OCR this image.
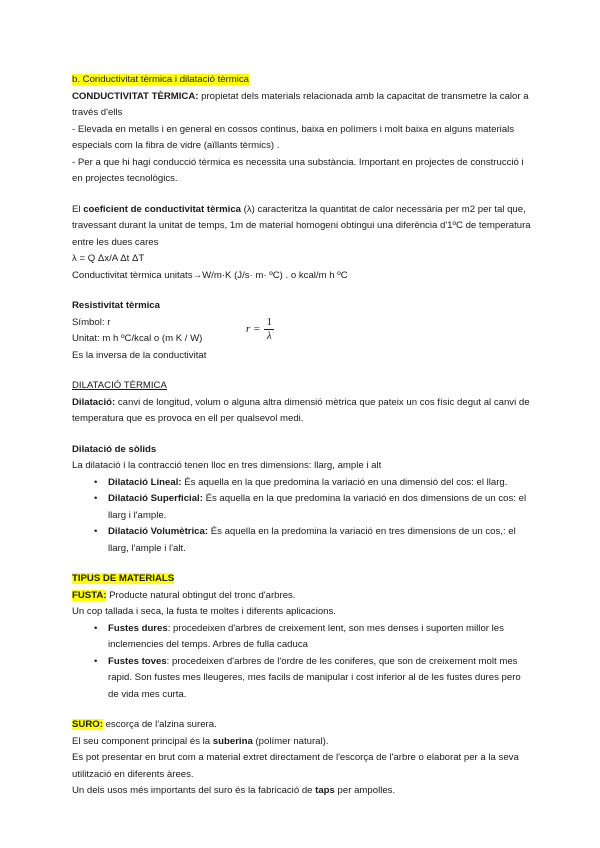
b. Conductivitat tèrmica i dilatació tèrmica

CONDUCTIVITAT TÈRMICA: propietat dels materials relacionada amb la capacitat de transmetre la calor a través d'ells

- Elevada en metalls i en general en cossos continus, baixa en polímers i molt baixa en alguns materials especials com la fibra de vidre (aïllants tèrmics) .

- Per a que hi hagi conducció tèrmica es necessita una substància. Important en projectes de construcció i en projectes tecnològics.

El coeficient de conductivitat tèrmica (λ) caracteritza la quantitat de calor necessària per m2 per tal que, travessant durant la unitat de temps, 1m de material homogeni obtingui una diferència d'1ºC de temperatura entre les dues cares

λ = Q Δx/A Δt ΔT

Conductivitat tèrmica unitats→W/m·K (J/s· m· ºC) . o kcal/m h ºC

Resistivitat tèrmica

Símbol: r

Unitat: m h ºC/kcal o (m K / W)

Es la inversa de la conductivitat

$r = \frac{1}{\lambda}$

DILATACIÓ TÈRMICA

Dilatació: canvi de longitud, volum o alguna altra dimensió mètrica que pateix un cos físic degut al canvi de temperatura que es provoca en ell per qualsevol medi.

Dilatació de sòlids

La dilatació i la contracció tenen lloc en tres dimensions: llarg, ample i alt

• Dilatació Lineal: És aquella en la que predomina la variació en una dimensió del cos: el llarg.
• Dilatació Superficial: És aquella en la que predomina la variació en dos dimensions de un cos: el llarg i l'ample.
• Dilatació Volumètrica: És aquella en la predomina la variació en tres dimensions de un cos,: el llarg, l'ample i l'alt.

TIPUS DE MATERIALS

FUSTA: Producte natural obtingut del tronc d'arbres.

Un cop tallada i seca, la fusta te moltes i diferents aplicacions.

• Fustes dures: procedeixen d'arbres de creixement lent, son mes denses i suporten millor les inclemencies del temps. Arbres de fulla caduca
• Fustes toves: procedeixen d'arbres de l'ordre de les coniferes, que son de creixement molt mes rapid. Son fustes mes lleugeres, mes facils de manipular i cost inferior al de les fustes dures pero de vida mes curta.

SURO: escorça de l'alzina surera.

El seu component principal és la suberina (polímer natural).

Es pot presentar en brut com a material extret directament de l'escorça de l'arbre o elaborat per a la seva utilització en diferents àrees.

Un dels usos més importants del suro és la fabricació de taps per ampolles.
